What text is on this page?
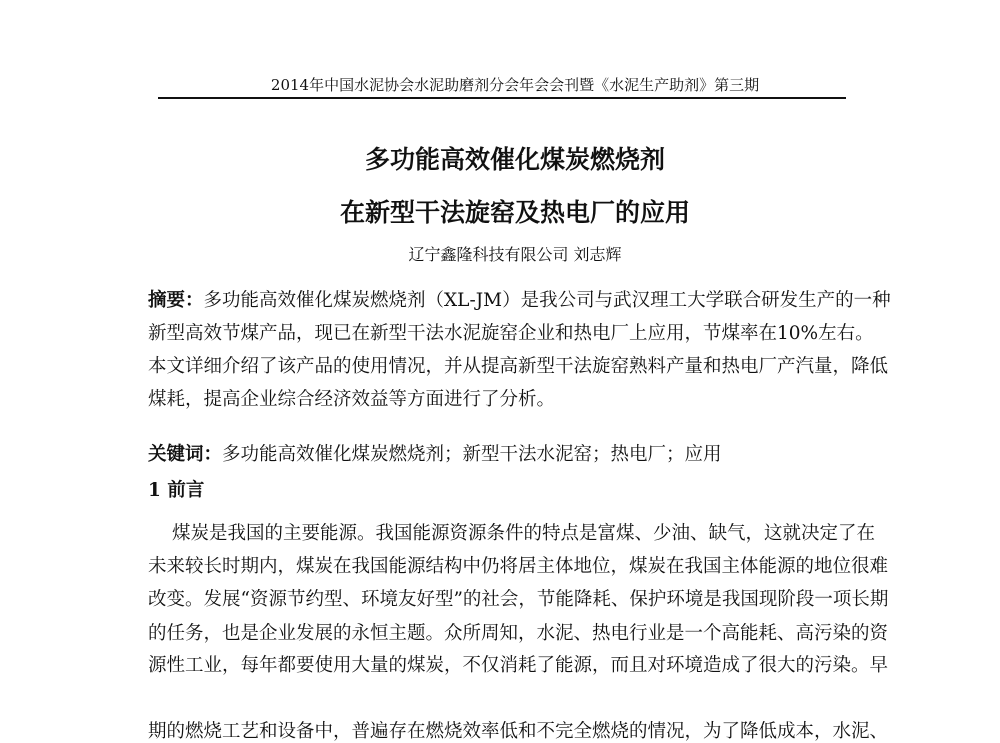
2014年中国水泥协会水泥助磨剂分会年会会刊暨《水泥生产助剂》第三期
多功能高效催化煤炭燃烧剂
在新型干法旋窑及热电厂的应用
辽宁鑫隆科技有限公司 刘志辉
摘要：多功能高效催化煤炭燃烧剂（XL-JM）是我公司与武汉理工大学联合研发生产的一种
新型高效节煤产品，现已在新型干法水泥旋窑企业和热电厂上应用，节煤率在10%左右。
本文详细介绍了该产品的使用情况，并从提高新型干法旋窑熟料产量和热电厂产汽量，降低
煤耗，提高企业综合经济效益等方面进行了分析。
关键词：多功能高效催化煤炭燃烧剂；新型干法水泥窑；热电厂；应用
1 前言
煤炭是我国的主要能源。我国能源资源条件的特点是富煤、少油、缺气，这就决定了在
未来较长时期内，煤炭在我国能源结构中仍将居主体地位，煤炭在我国主体能源的地位很难
改变。发展“资源节约型、环境友好型”的社会，节能降耗、保护环境是我国现阶段一项长期
的任务，也是企业发展的永恒主题。众所周知，水泥、热电行业是一个高能耗、高污染的资
源性工业，每年都要使用大量的煤炭，不仅消耗了能源，而且对环境造成了很大的污染。早
期的燃烧工艺和设备中，普遍存在燃烧效率低和不完全燃烧的情况，为了降低成本，水泥、
